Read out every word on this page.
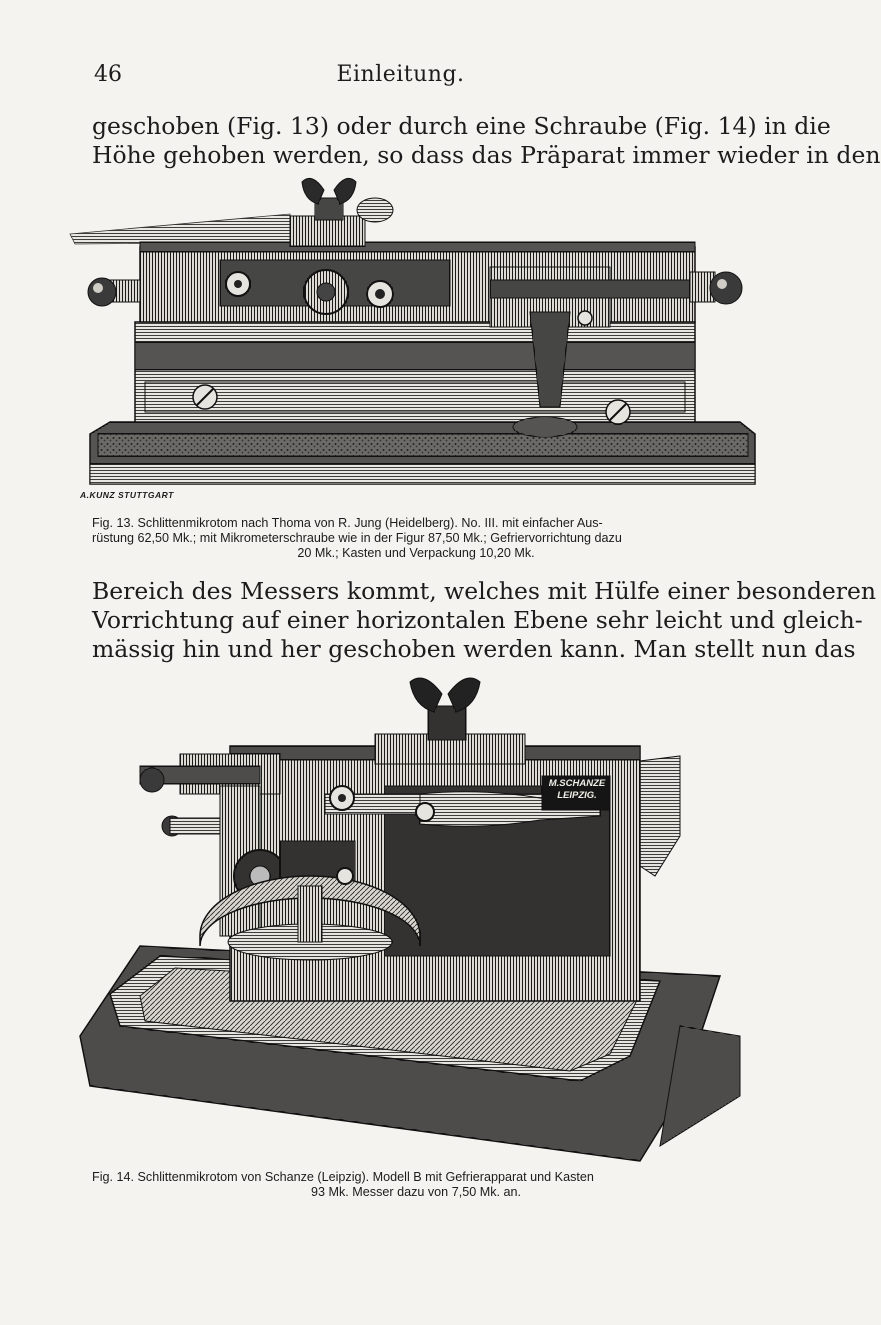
46	Einleitung.
geschoben (Fig. 13) oder durch eine Schraube (Fig. 14) in die
Höhe gehoben werden, so dass das Präparat immer wieder in den
A.KUNZ STUTTGART
Fig. 13. Schlittenmikrotom nach Thoma von R. Jung (Heidelberg). No. III. mit einfacher Aus-
rüstung 62,50 Mk.; mit Mikrometerschraube wie in der Figur 87,50 Mk.; Gefriervorrichtung dazu
20 Mk.; Kasten und Verpackung 10,20 Mk.
Bereich des Messers kommt, welches mit Hülfe einer besonderen
Vorrichtung auf einer horizontalen Ebene sehr leicht und gleich-
mässig hin und her geschoben werden kann. Man stellt nun das
M.SCHANZE
LEIPZIG.
Fig. 14. Schlittenmikrotom von Schanze (Leipzig). Modell B mit Gefrierapparat und Kasten
93 Mk. Messer dazu von 7,50 Mk. an.
